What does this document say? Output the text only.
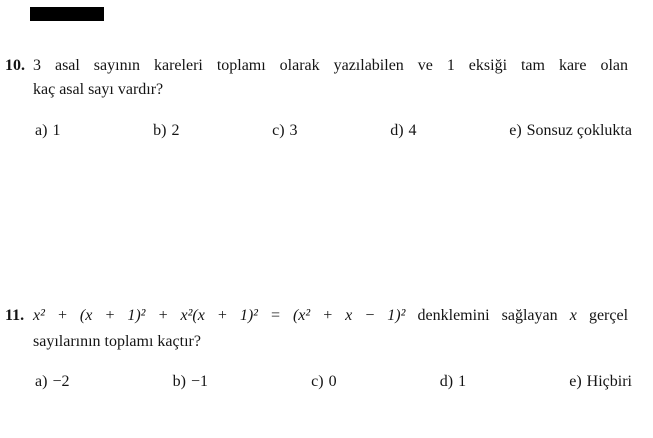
10. 3 asal sayının kareleri toplamı olarak yazılabilen ve 1 eksiği tam kare olan
kaç asal sayı vardır?
a) 1	b) 2	c) 3	d) 4	e) Sonsuz çoklukta
11. x² + (x + 1)² + x²(x + 1)² = (x² + x − 1)² denklemini sağlayan x gerçel
sayılarının toplamı kaçtır?
a) −2	b) −1	c) 0	d) 1	e) Hiçbiri
